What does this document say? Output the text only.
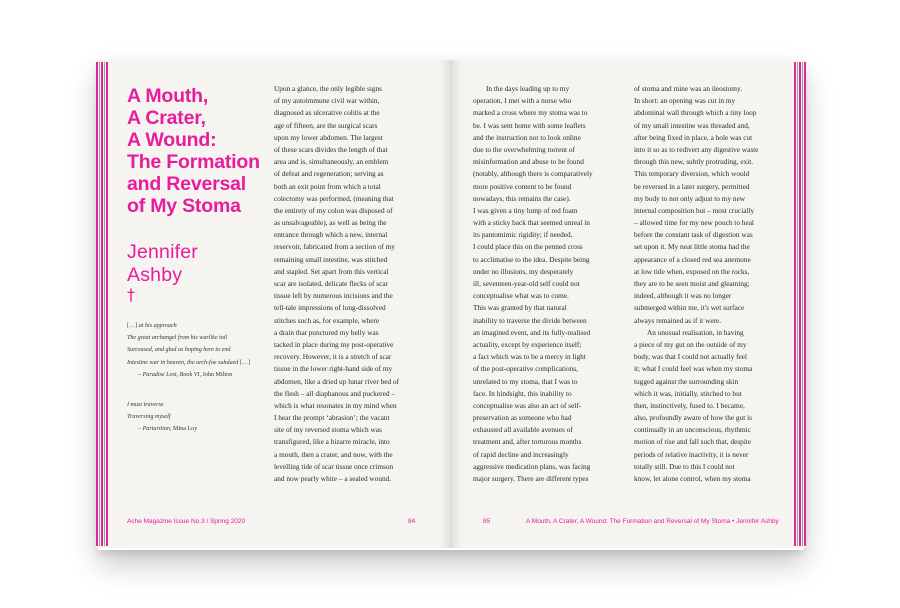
A Mouth,
A Crater,
A Wound:
The Formation
and Reversal
of My Stoma
Jennifer
Ashby
†
[…] at his approach
The great archangel from his warlike toil
Surceased, and glad as hoping here to end
Intestine war in heaven, the arch-foe subdued […]
– Paradise Lost, Book VI, John Milton
I must traverse
Traversing myself
– Parturition, Mina Loy
Upon a glance, the only legible signs
of my autoimmune civil war within,
diagnosed as ulcerative colitis at the
age of fifteen, are the surgical scars
upon my lower abdomen. The largest
of these scars divides the length of that
area and is, simultaneously, an emblem
of defeat and regeneration; serving as
both an exit point from which a total
colectomy was performed, (meaning that
the entirety of my colon was disposed of
as unsalvageable), as well as being the
entrance through which a new, internal
reservoir, fabricated from a section of my
remaining small intestine, was stitched
and stapled. Set apart from this vertical
scar are isolated, delicate flecks of scar
tissue left by numerous incisions and the
tell-tale impressions of long-dissolved
stitches such as, for example, where
a drain that punctured my belly was
tacked in place during my post-operative
recovery. However, it is a stretch of scar
tissue in the lower right-hand side of my
abdomen, like a dried up lunar river bed of
the flesh – all diaphanous and puckered –
which is what resonates in my mind when
I hear the prompt ‘abrasion’; the vacant
site of my reversed stoma which was
transfigured, like a bizarre miracle, into
a mouth, then a crater, and now, with the
levelling tide of scar tissue once crimson
and now pearly white – a sealed wound.
In the days leading up to my
operation, I met with a nurse who
marked a cross where my stoma was to
be. I was sent home with some leaflets
and the instruction not to look online
due to the overwhelming torrent of
misinformation and abuse to be found
(notably, although there is comparatively
more positive content to be found
nowadays, this remains the case).
I was given a tiny lump of red foam
with a sticky back that seemed unreal in
its pantomimic rigidity; if needed,
I could place this on the penned cross
to acclimatise to the idea. Despite being
under no illusions, my desperately
ill, seventeen-year-old self could not
conceptualise what was to come.
This was granted by that natural
inability to traverse the divide between
an imagined event, and its fully-realised
actuality, except by experience itself;
a fact which was to be a mercy in light
of the post-operative complications,
unrelated to my stoma, that I was to
face. In hindsight, this inability to
conceptualise was also an act of self-
preservation as someone who had
exhausted all available avenues of
treatment and, after torturous months
of rapid decline and increasingly
aggressive medication plans, was facing
major surgery. There are different types
of stoma and mine was an ileostomy.
In short: an opening was cut in my
abdominal wall through which a tiny loop
of my small intestine was threaded and,
after being fixed in place, a hole was cut
into it so as to redivert any digestive waste
through this new, subtly protruding, exit.
This temporary diversion, which would
be reversed in a later surgery, permitted
my body to not only adjust to my new
internal composition but – most crucially
– allowed time for my new pouch to heal
before the constant task of digestion was
set upon it. My neat little stoma had the
appearance of a closed red sea anemone
at low tide when, exposed on the rocks,
they are to be seen moist and gleaming;
indeed, although it was no longer
submerged within me, it's wet surface
always remained as if it were.
An unusual realisation, in having
a piece of my gut on the outside of my
body, was that I could not actually feel
it; what I could feel was when my stoma
tugged against the surrounding skin
which it was, initially, stitched to but
then, instinctively, fused to. I became,
also, profoundly aware of how the gut is
continually in an unconscious, rhythmic
motion of rise and fall such that, despite
periods of relative inactivity, it is never
totally still. Due to this I could not
know, let alone control, when my stoma
Ache Magazine Issue No.3 / Spring 2020	84	85	A Mouth, A Crater, A Wound: The Formation and Reversal of My Stoma • Jennifer Ashby
